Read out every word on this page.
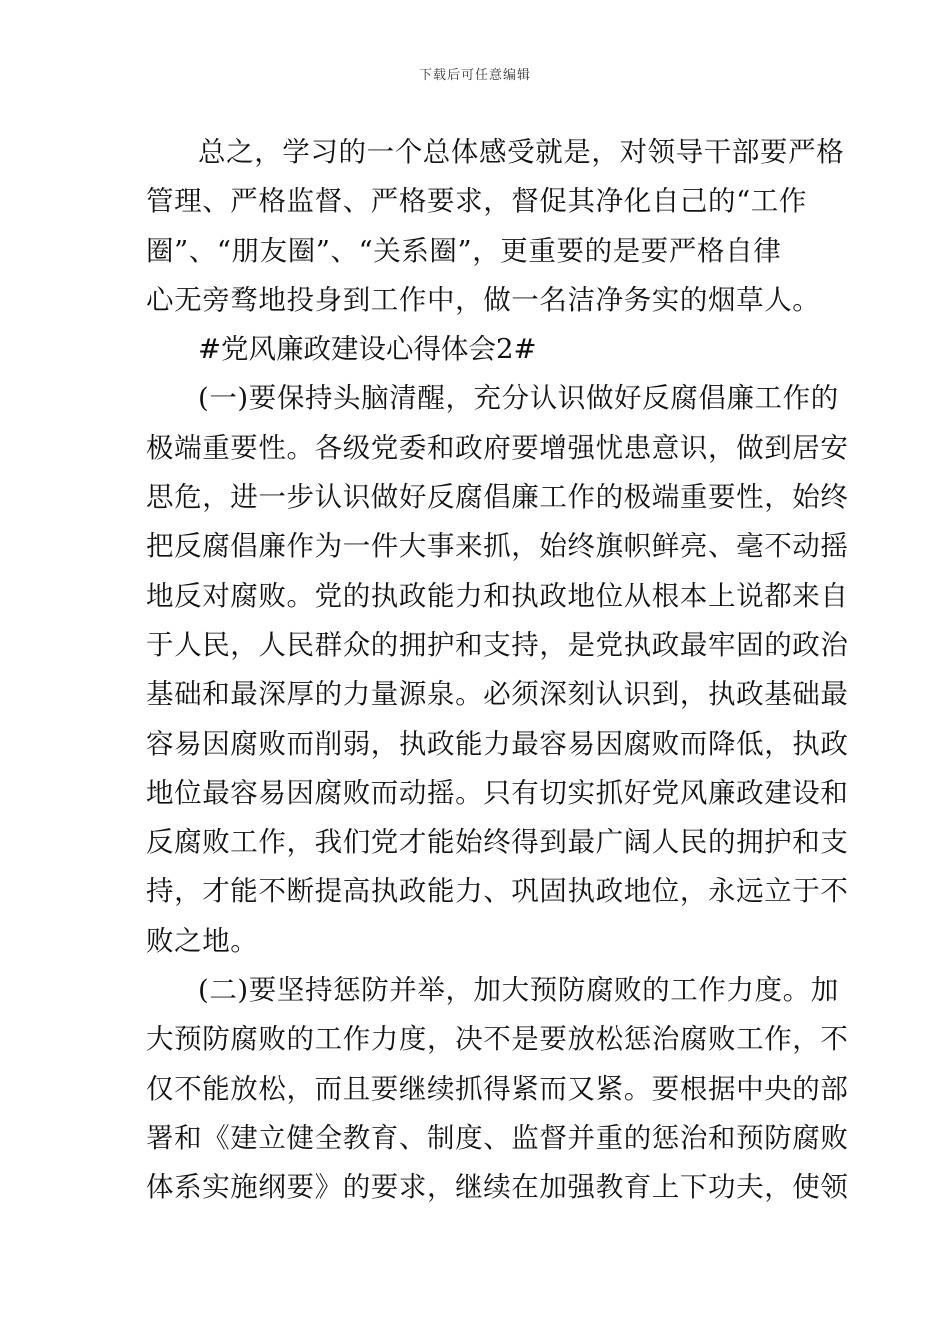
下载后可任意编辑
总之，学习的一个总体感受就是，对领导干部要严格
管理、严格监督、严格要求，督促其净化自己的“工作
圈”、“朋友圈”、“关系圈”，更重要的是要严格自律
心无旁骛地投身到工作中，做一名洁净务实的烟草人。
#党风廉政建设心得体会2#
(一)要保持头脑清醒，充分认识做好反腐倡廉工作的
极端重要性。各级党委和政府要增强忧患意识，做到居安
思危，进一步认识做好反腐倡廉工作的极端重要性，始终
把反腐倡廉作为一件大事来抓，始终旗帜鲜亮、毫不动摇
地反对腐败。党的执政能力和执政地位从根本上说都来自
于人民，人民群众的拥护和支持，是党执政最牢固的政治
基础和最深厚的力量源泉。必须深刻认识到，执政基础最
容易因腐败而削弱，执政能力最容易因腐败而降低，执政
地位最容易因腐败而动摇。只有切实抓好党风廉政建设和
反腐败工作，我们党才能始终得到最广阔人民的拥护和支
持，才能不断提高执政能力、巩固执政地位，永远立于不
败之地。
(二)要坚持惩防并举，加大预防腐败的工作力度。加
大预防腐败的工作力度，决不是要放松惩治腐败工作，不
仅不能放松，而且要继续抓得紧而又紧。要根据中央的部
署和《建立健全教育、制度、监督并重的惩治和预防腐败
体系实施纲要》的要求，继续在加强教育上下功夫，使领
